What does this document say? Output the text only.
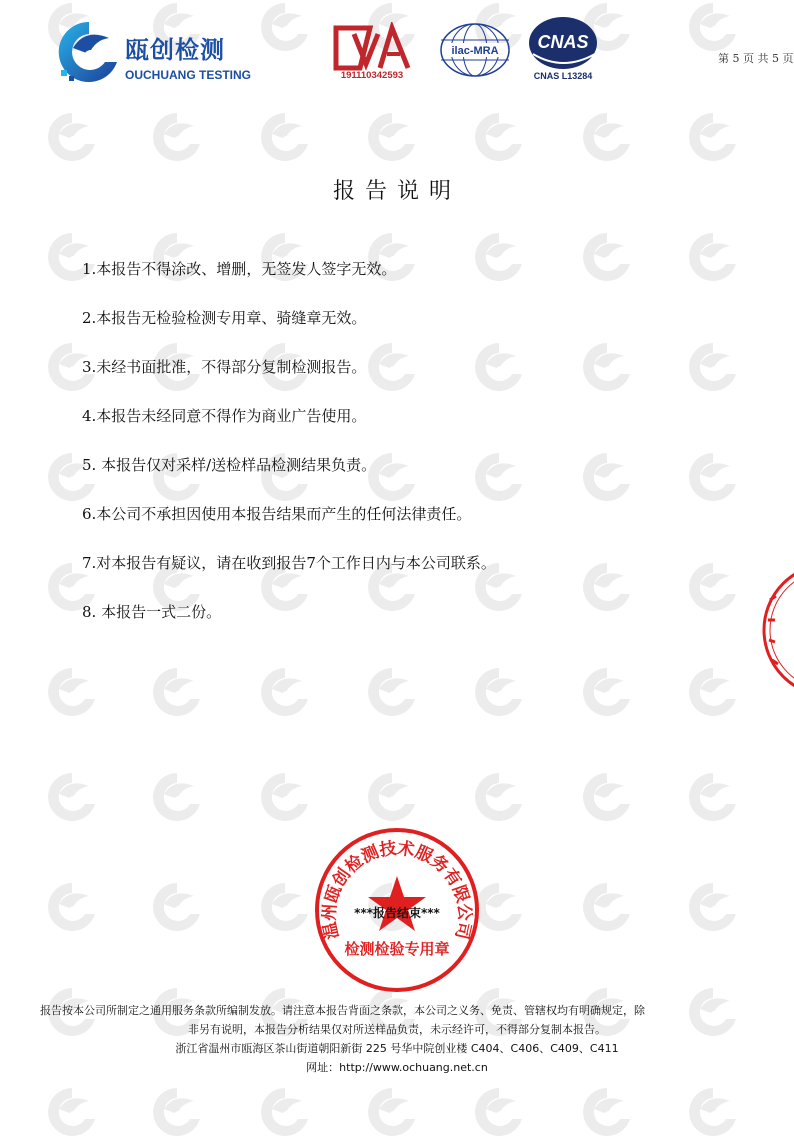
瓯创检测
OUCHUANG TESTING	191110342593
ilac-MRA CNAS
CNAS L13284
第 5 页 共 5 页
报告说明
1.本报告不得涂改、增删，无签发人签字无效。
2.本报告无检验检测专用章、骑缝章无效。
3.未经书面批准，不得部分复制检测报告。
4.本报告未经同意不得作为商业广告使用。
5. 本报告仅对采样/送检样品检测结果负责。
6.本公司不承担因使用本报告结果而产生的任何法律责任。
7.对本报告有疑议，请在收到报告7个工作日内与本公司联系。
8. 本报告一式二份。
温州瓯创检测技术服务有限公司
检测检验专用章
***报告结束***
报告按本公司所制定之通用服务条款所编制发放。请注意本报告背面之条款，本公司之义务、免责、管辖权均有明确规定，除
非另有说明，本报告分析结果仅对所送样品负责，未示经许可，不得部分复制本报告。
浙江省温州市瓯海区茶山街道朝阳新街 225 号华中院创业楼 C404、C406、C409、C411
网址：http://www.ochuang.net.cn
